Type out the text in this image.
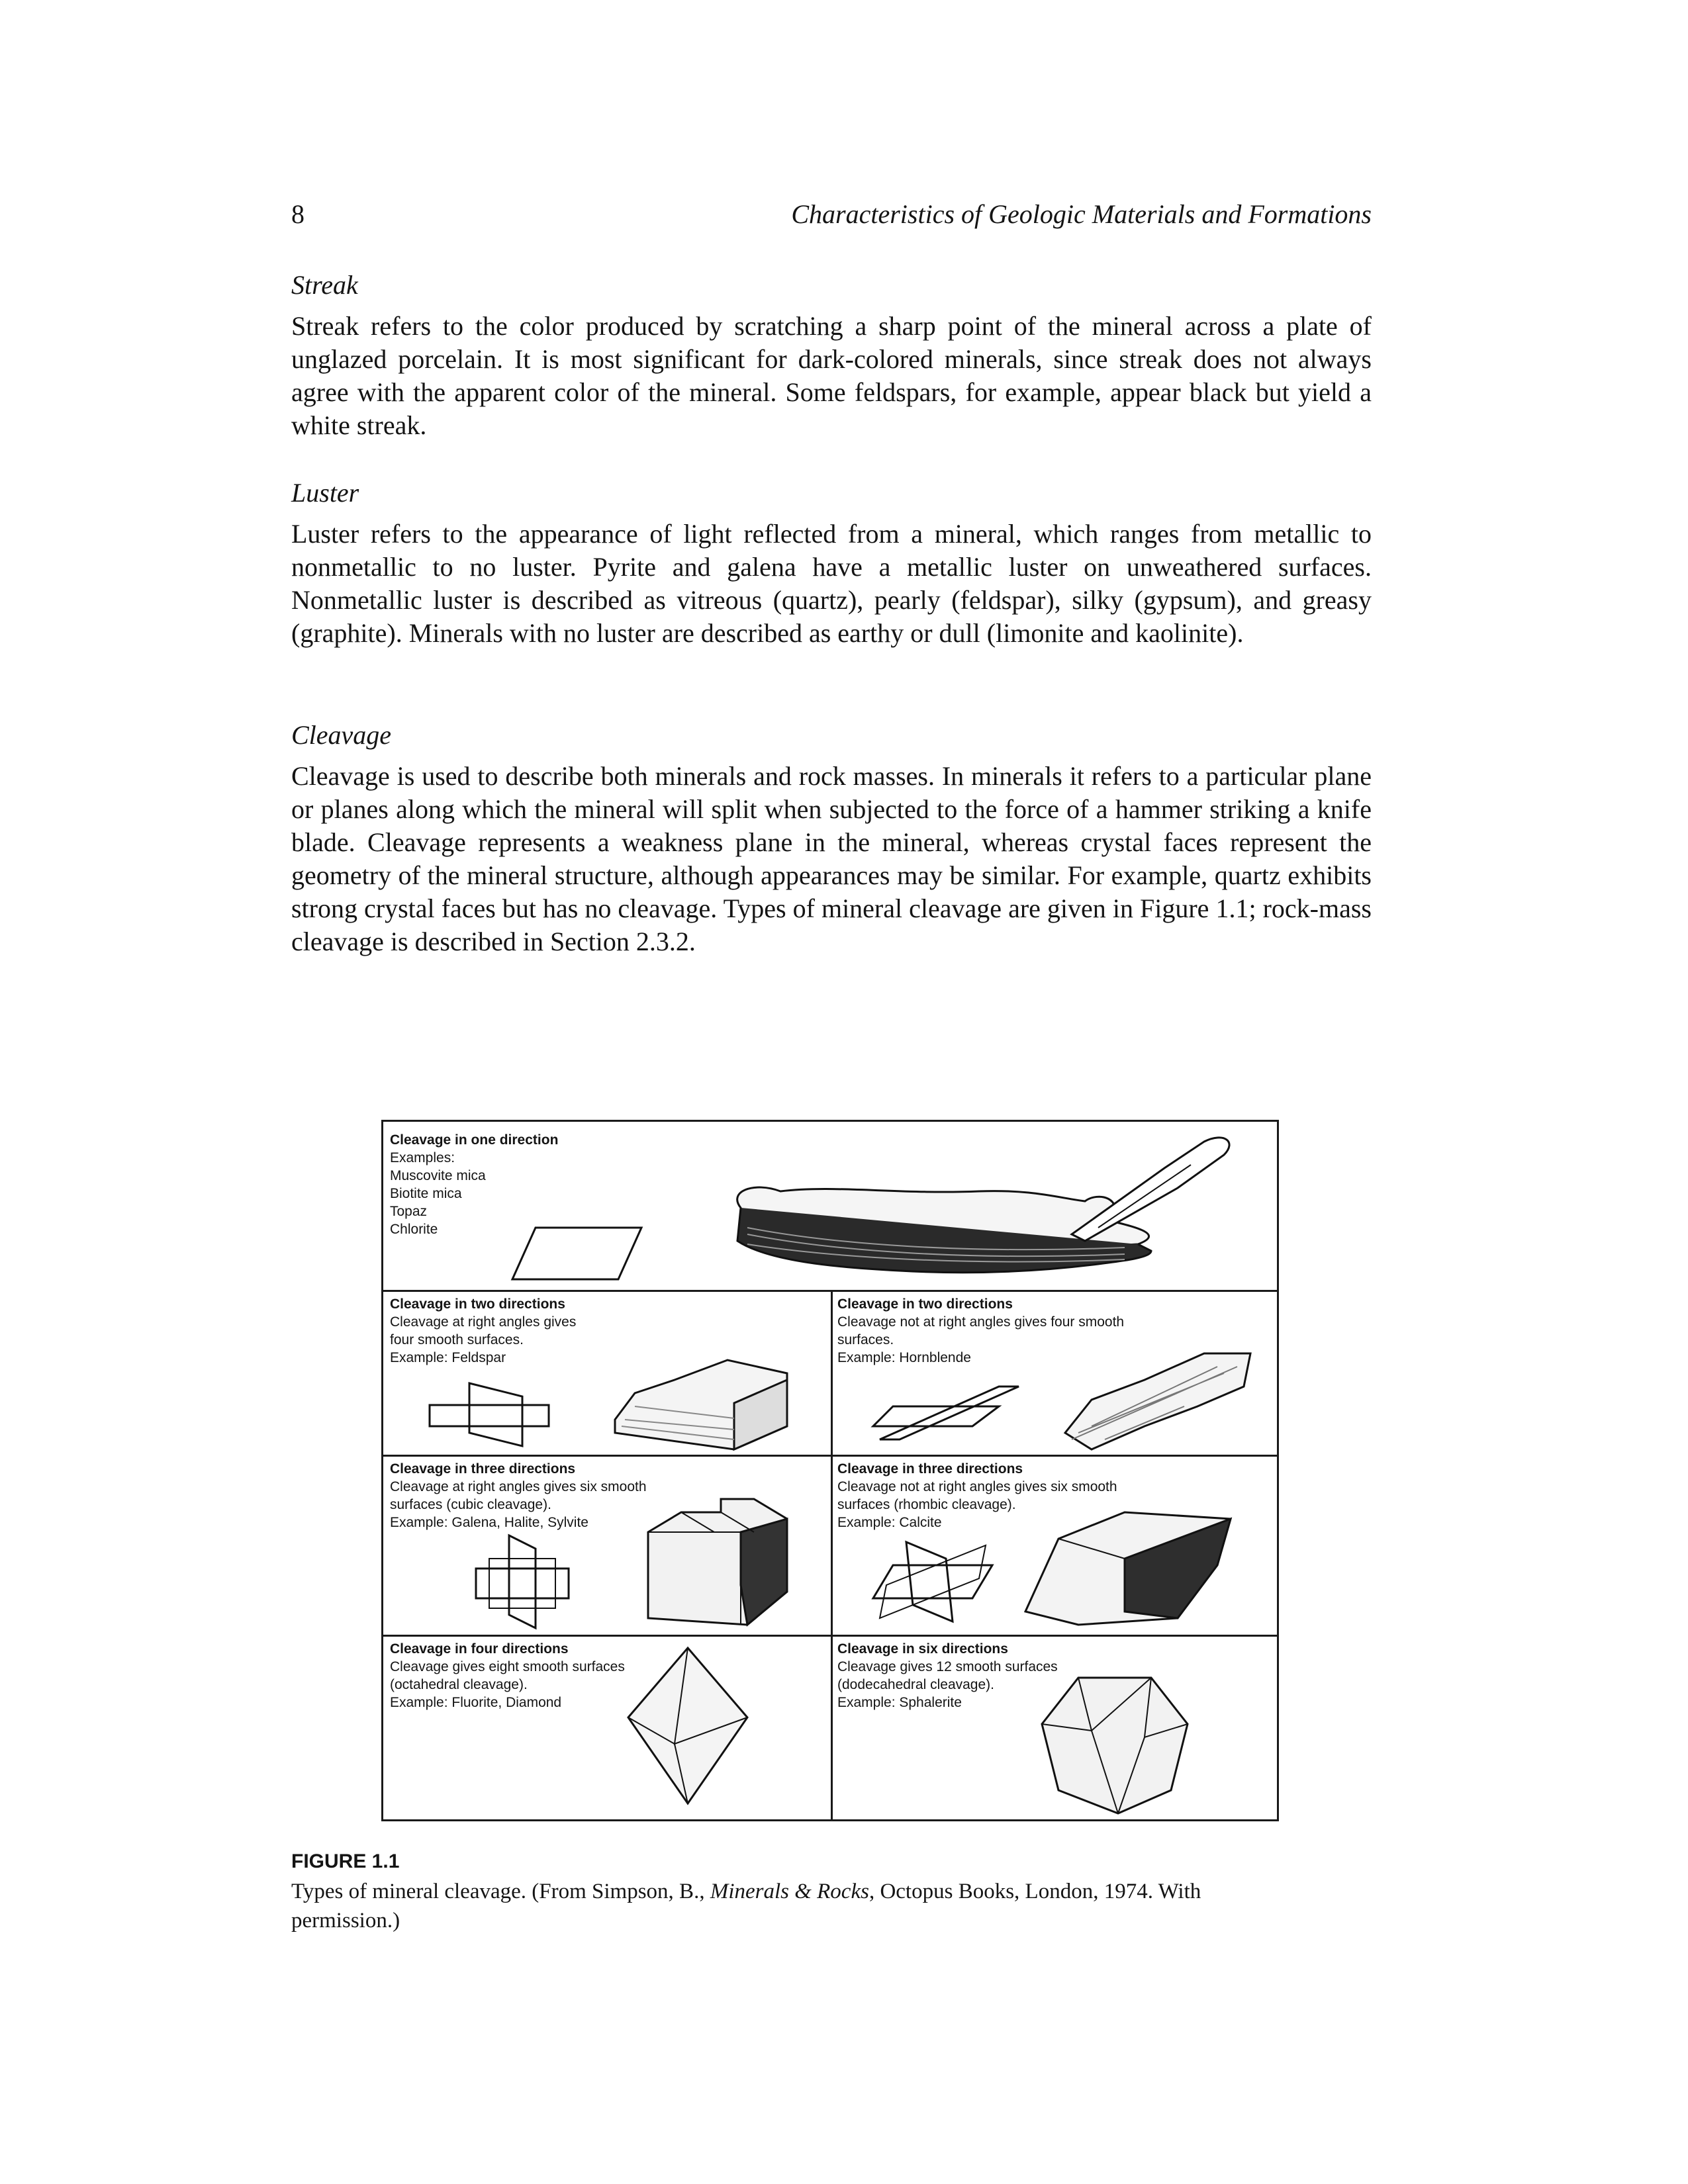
8	Characteristics of Geologic Materials and Formations
Streak
Streak refers to the color produced by scratching a sharp point of the mineral across a plate of unglazed porcelain. It is most significant for dark-colored minerals, since streak does not always agree with the apparent color of the mineral. Some feldspars, for example, appear black but yield a white streak.
Luster
Luster refers to the appearance of light reflected from a mineral, which ranges from metallic to nonmetallic to no luster. Pyrite and galena have a metallic luster on unweathered surfaces. Nonmetallic luster is described as vitreous (quartz), pearly (feldspar), silky (gypsum), and greasy (graphite). Minerals with no luster are described as earthy or dull (limonite and kaolinite).
Cleavage
Cleavage is used to describe both minerals and rock masses. In minerals it refers to a particular plane or planes along which the mineral will split when subjected to the force of a hammer striking a knife blade. Cleavage represents a weakness plane in the mineral, whereas crystal faces represent the geometry of the mineral structure, although appearances may be similar. For example, quartz exhibits strong crystal faces but has no cleavage. Types of mineral cleavage are given in Figure 1.1; rock-mass cleavage is described in Section 2.3.2.
Cleavage in one direction
Examples:
Muscovite mica
Biotite mica
Topaz
Chlorite
Cleavage in two directions
Cleavage at right angles gives
four smooth surfaces.
Example: Feldspar
Cleavage in two directions
Cleavage not at right angles gives four smooth
surfaces.
Example: Hornblende
Cleavage in three directions
Cleavage at right angles gives six smooth
surfaces (cubic cleavage).
Example: Galena, Halite, Sylvite
Cleavage in three directions
Cleavage not at right angles gives six smooth
surfaces (rhombic cleavage).
Example: Calcite
Cleavage in four directions
Cleavage gives eight smooth surfaces
(octahedral cleavage).
Example: Fluorite, Diamond
Cleavage in six directions
Cleavage gives 12 smooth surfaces
(dodecahedral cleavage).
Example: Sphalerite
FIGURE 1.1
Types of mineral cleavage. (From Simpson, B., Minerals & Rocks, Octopus Books, London, 1974. With permission.)
